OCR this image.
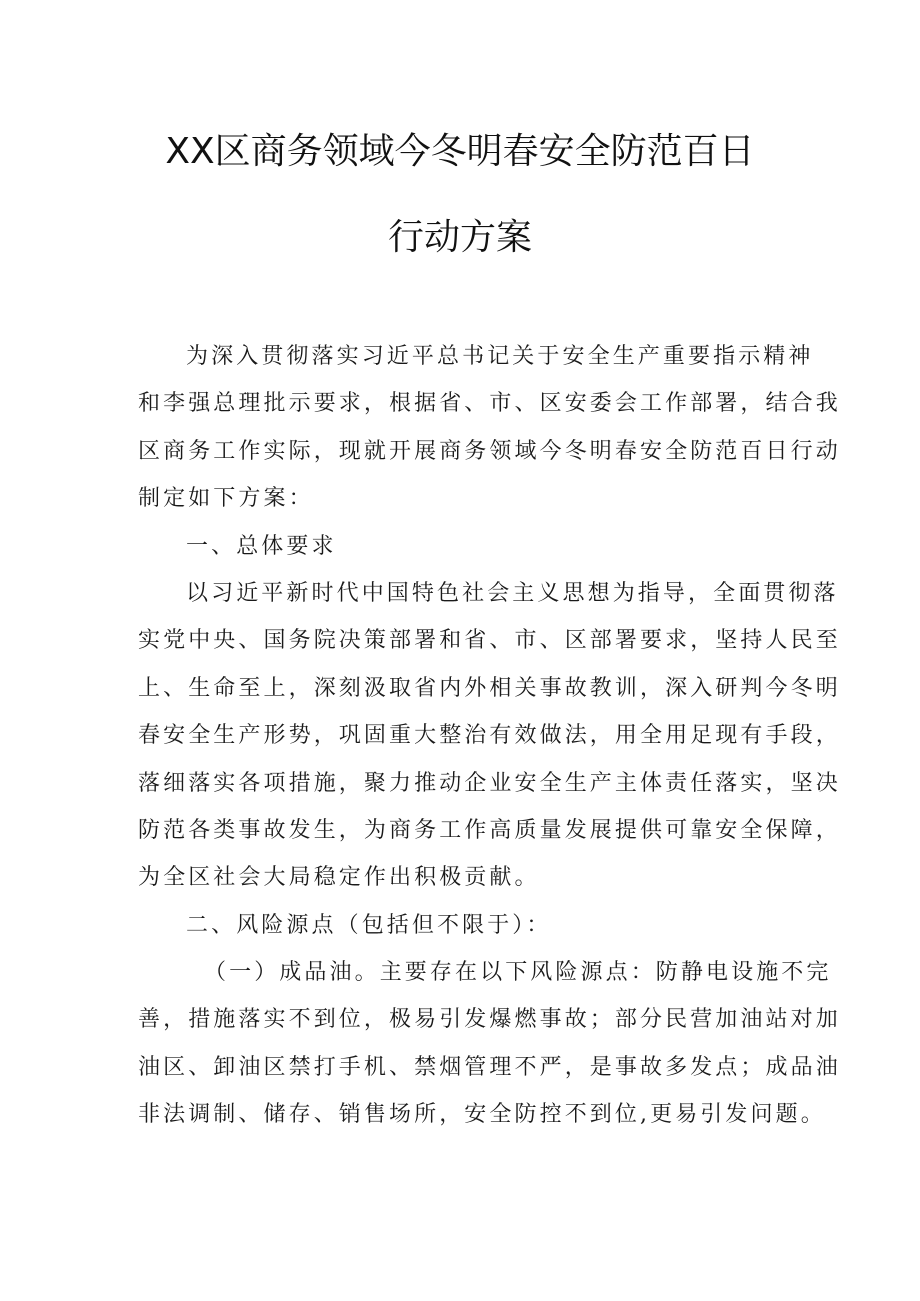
XX区商务领域今冬明春安全防范百日
行动方案
为深入贯彻落实习近平总书记关于安全生产重要指示精神
和李强总理批示要求，根据省、市、区安委会工作部署，结合我
区商务工作实际，现就开展商务领域今冬明春安全防范百日行动
制定如下方案：
一、总体要求
以习近平新时代中国特色社会主义思想为指导，全面贯彻落
实党中央、国务院决策部署和省、市、区部署要求，坚持人民至
上、生命至上，深刻汲取省内外相关事故教训，深入研判今冬明
春安全生产形势，巩固重大整治有效做法，用全用足现有手段，
落细落实各项措施，聚力推动企业安全生产主体责任落实，坚决
防范各类事故发生，为商务工作高质量发展提供可靠安全保障，
为全区社会大局稳定作出积极贡献。
二、风险源点（包括但不限于）：
（一）成品油。主要存在以下风险源点：防静电设施不完
善，措施落实不到位，极易引发爆燃事故；部分民营加油站对加
油区、卸油区禁打手机、禁烟管理不严，是事故多发点；成品油
非法调制、储存、销售场所，安全防控不到位,更易引发问题。
